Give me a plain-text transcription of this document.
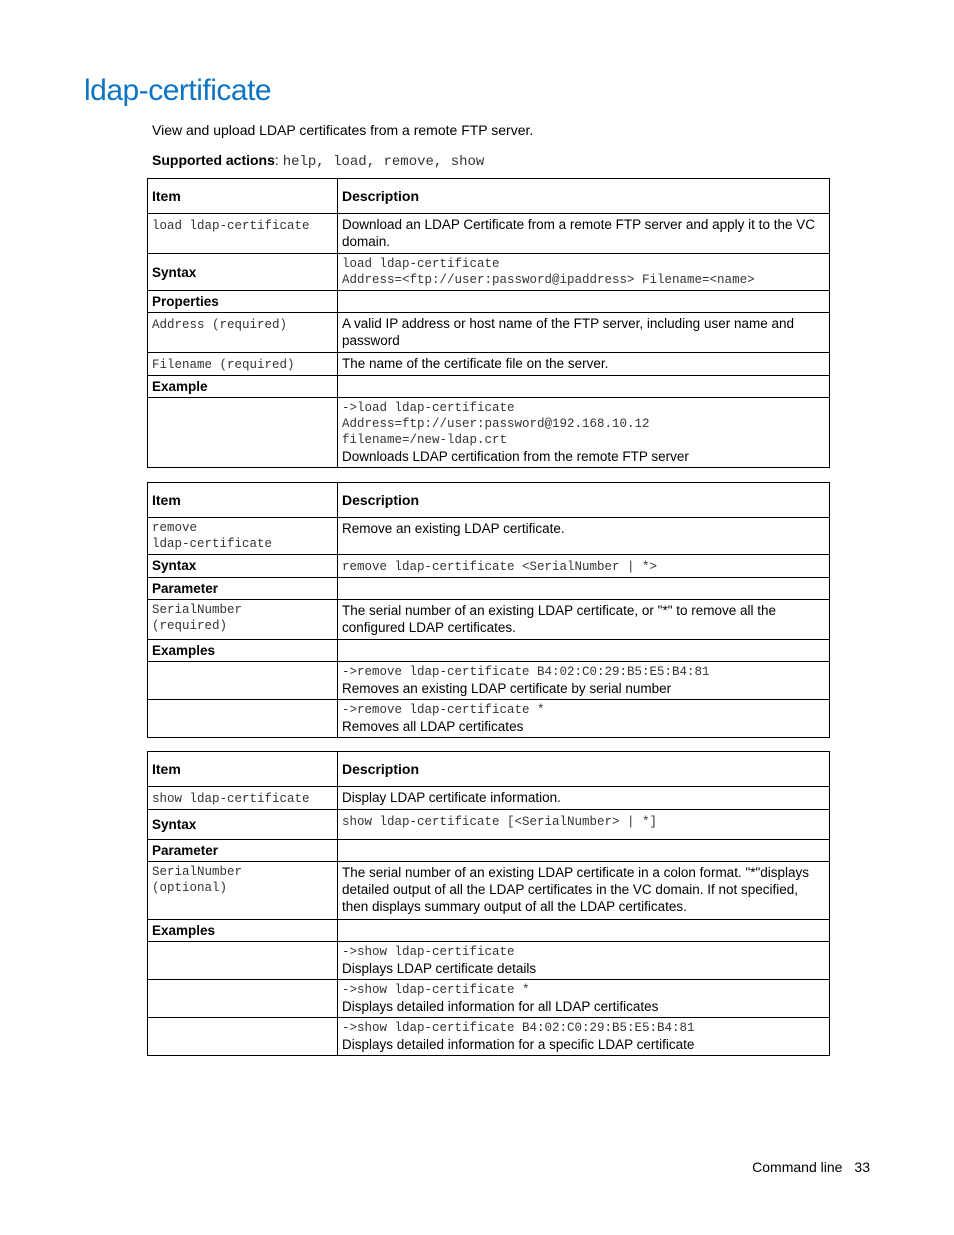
ldap-certificate
View and upload LDAP certificates from a remote FTP server.
Supported actions: help, load, remove, show
Item	Description
load ldap-certificate	Download an LDAP Certificate from a remote FTP server and apply it to the VC domain.
Syntax	load ldap-certificate
Address=<ftp://user:password@ipaddress> Filename=<name>

Properties	
Address (required)	A valid IP address or host name of the FTP server, including user name and password
Filename (required)	The name of the certificate file on the server.
Example	

	->load ldap-certificate
Address=ftp://user:password@192.168.10.12
filename=/new-ldap.crt
Downloads LDAP certification from the remote FTP server
Item	Description

remove
ldap-certificate	Remove an existing LDAP certificate.
Syntax	remove ldap-certificate <SerialNumber | *>
Parameter	

SerialNumber
(required)	The serial number of an existing LDAP certificate, or "*" to remove all the configured LDAP certificates.
Examples	

	->remove ldap-certificate B4:02:C0:29:B5:E5:B4:81
Removes an existing LDAP certificate by serial number

	->remove ldap-certificate *
Removes all LDAP certificates
Item	Description
show ldap-certificate	Display LDAP certificate information.
Syntax	show ldap-certificate [<SerialNumber> | *]
Parameter	

SerialNumber
(optional)	The serial number of an existing LDAP certificate in a colon format. "*"displays detailed output of all the LDAP certificates in the VC domain. If not specified, then displays summary output of all the LDAP certificates.
Examples	

	->show ldap-certificate
Displays LDAP certificate details

	->show ldap-certificate *
Displays detailed information for all LDAP certificates

	->show ldap-certificate B4:02:C0:29:B5:E5:B4:81
Displays detailed information for a specific LDAP certificate
Command line 33
